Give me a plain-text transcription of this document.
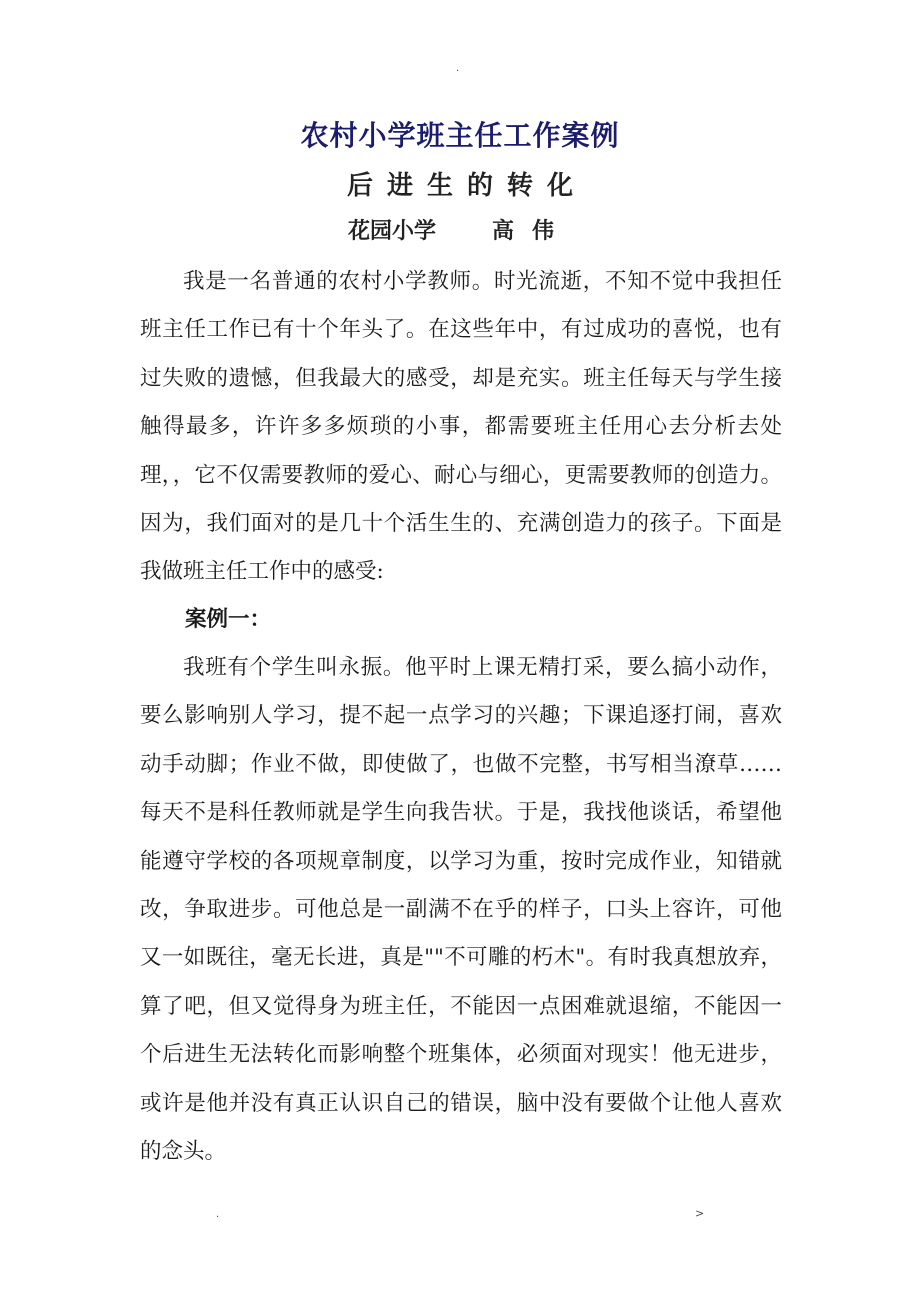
.
农村小学班主任工作案例
后进生的转化
花园小学	高伟

我是一名普通的农村小学教师。时光流逝，不知不觉中我担任班主任工作已有十个年头了。在这些年中，有过成功的喜悦，也有过失败的遗憾，但我最大的感受，却是充实。班主任每天与学生接触得最多，许许多多烦琐的小事，都需要班主任用心去分析去处理，，它不仅需要教师的爱心、耐心与细心，更需要教师的创造力。因为，我们面对的是几十个活生生的、充满创造力的孩子。下面是我做班主任工作中的感受:

案例一：

我班有个学生叫永振。他平时上课无精打采，要么搞小动作，要么影响别人学习，提不起一点学习的兴趣；下课追逐打闹，喜欢动手动脚；作业不做，即使做了，也做不完整，书写相当潦草……每天不是科任教师就是学生向我告状。于是，我找他谈话，希望他能遵守学校的各项规章制度，以学习为重，按时完成作业，知错就改，争取进步。可他总是一副满不在乎的样子，口头上容许，可他又一如既往，毫无长进，真是""不可雕的朽木"。有时我真想放弃，算了吧，但又觉得身为班主任，不能因一点困难就退缩，不能因一个后进生无法转化而影响整个班集体，必须面对现实！他无进步，或许是他并没有真正认识自己的错误，脑中没有要做个让他人喜欢的念头。

.	>
